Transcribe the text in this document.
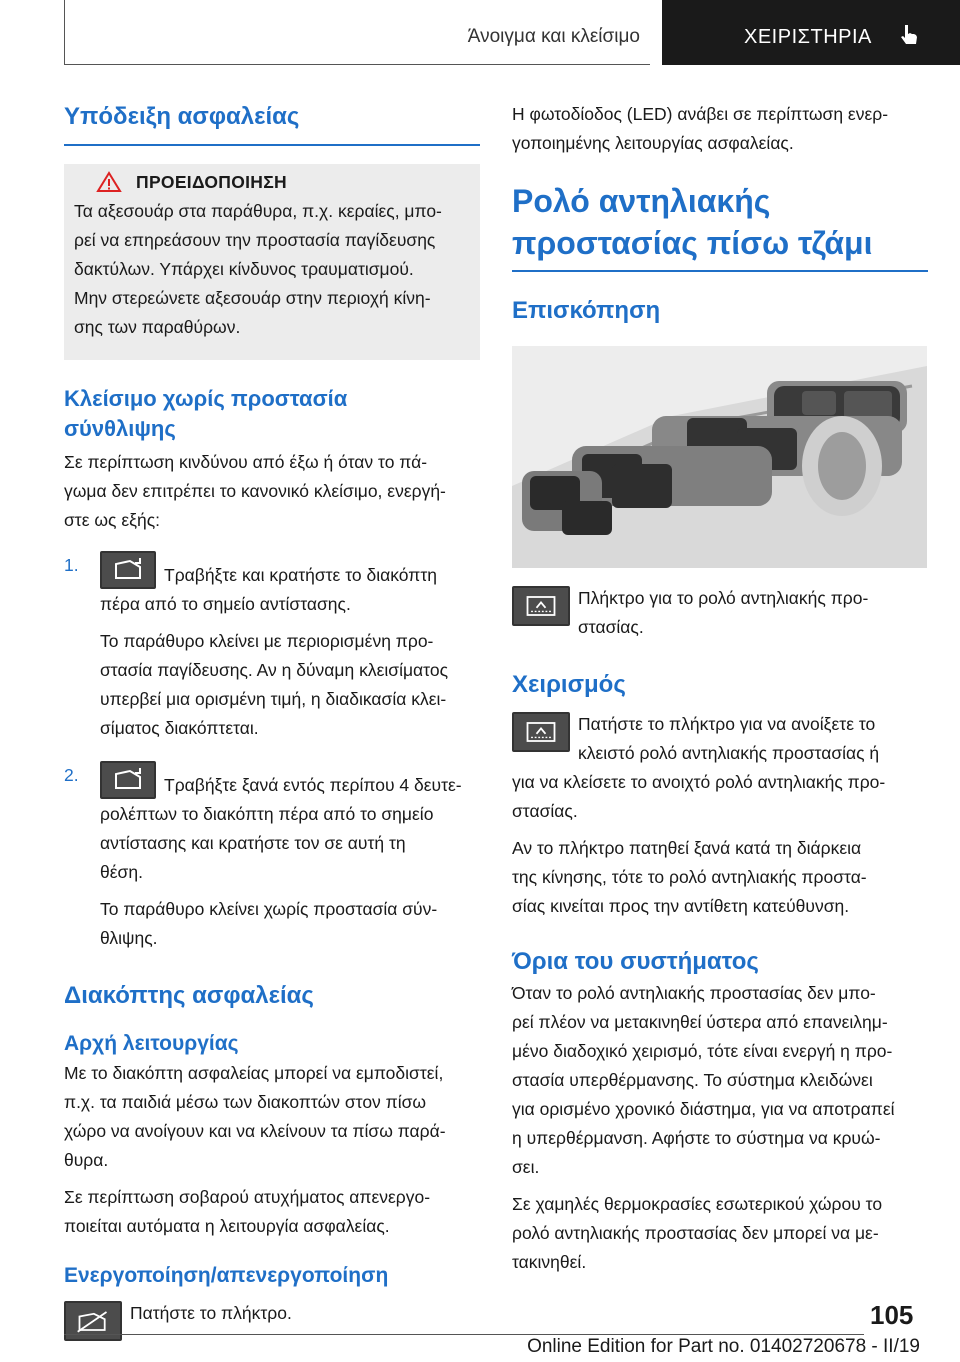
Άνοιγμα και κλείσιμο	ΧΕΙΡΙΣΤΗΡΙΑ
Υπόδειξη ασφαλείας
ΠΡΟΕΙΔΟΠΟΙΗΣΗ
Τα αξεσουάρ στα παράθυρα, π.χ. κεραίες, μπο-
ρεί να επηρεάσουν την προστασία παγίδευσης
δακτύλων. Υπάρχει κίνδυνος τραυματισμού.
Μην στερεώνετε αξεσουάρ στην περιοχή κίνη-
σης των παραθύρων.
Κλείσιμο χωρίς προστασία
σύνθλιψης
Σε περίπτωση κινδύνου από έξω ή όταν το πά-
γωμα δεν επιτρέπει το κανονικό κλείσιμο, ενεργή-
στε ως εξής:
1.	Τραβήξτε και κρατήστε το διακόπτη
πέρα από το σημείο αντίστασης.
Το παράθυρο κλείνει με περιορισμένη προ-
στασία παγίδευσης. Αν η δύναμη κλεισίματος
υπερβεί μια ορισμένη τιμή, η διαδικασία κλει-
σίματος διακόπτεται.
2.	Τραβήξτε ξανά εντός περίπου 4 δευτε-
ρολέπτων το διακόπτη πέρα από το σημείο
αντίστασης και κρατήστε τον σε αυτή τη
θέση.
Το παράθυρο κλείνει χωρίς προστασία σύν-
θλιψης.
Διακόπτης ασφαλείας
Αρχή λειτουργίας
Με το διακόπτη ασφαλείας μπορεί να εμποδιστεί,
π.χ. τα παιδιά μέσω των διακοπτών στον πίσω
χώρο να ανοίγουν και να κλείνουν τα πίσω παρά-
θυρα.
Σε περίπτωση σοβαρού ατυχήματος απενεργο-
ποιείται αυτόματα η λειτουργία ασφαλείας.
Ενεργοποίηση/απενεργοποίηση
Πατήστε το πλήκτρο.
Η φωτοδίοδος (LED) ανάβει σε περίπτωση ενερ-
γοποιημένης λειτουργίας ασφαλείας.
Ρολό αντηλιακής
προστασίας πίσω τζάμι
Επισκόπηση
Πλήκτρο για το ρολό αντηλιακής προ-
στασίας.
Χειρισμός
Πατήστε το πλήκτρο για να ανοίξετε το
κλειστό ρολό αντηλιακής προστασίας ή
για να κλείσετε το ανοιχτό ρολό αντηλιακής προ-
στασίας.
Αν το πλήκτρο πατηθεί ξανά κατά τη διάρκεια
της κίνησης, τότε το ρολό αντηλιακής προστα-
σίας κινείται προς την αντίθετη κατεύθυνση.
Όρια του συστήματος
Όταν το ρολό αντηλιακής προστασίας δεν μπο-
ρεί πλέον να μετακινηθεί ύστερα από επανειλημ-
μένο διαδοχικό χειρισμό, τότε είναι ενεργή η προ-
στασία υπερθέρμανσης. Το σύστημα κλειδώνει
για ορισμένο χρονικό διάστημα, για να αποτραπεί
η υπερθέρμανση. Αφήστε το σύστημα να κρυώ-
σει.
Σε χαμηλές θερμοκρασίες εσωτερικού χώρου το
ρολό αντηλιακής προστασίας δεν μπορεί να με-
τακινηθεί.
105
Online Edition for Part no. 01402720678 - II/19
